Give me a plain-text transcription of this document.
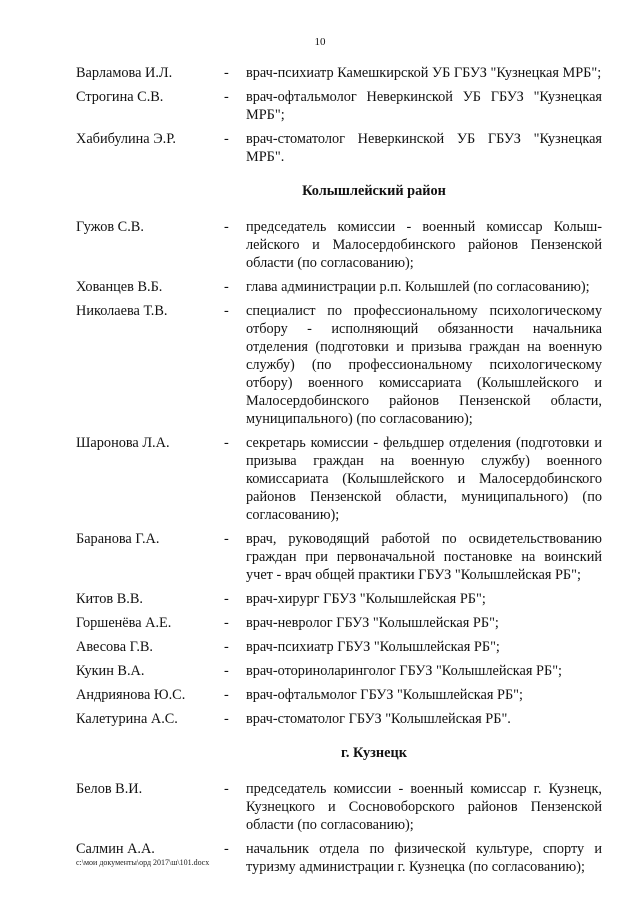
10
Варламова И.Л.	-	врач-психиатр Камешкирской УБ ГБУЗ "Кузнецкая МРБ";
Строгина С.В.	-	врач-офтальмолог Неверкинской УБ ГБУЗ "Кузнецкая МРБ";
Хабибулина Э.Р.	-	врач-стоматолог Неверкинской УБ ГБУЗ "Кузнецкая МРБ".
Колышлейский район
Гужов С.В.	-	председатель комиссии - военный комиссар Колышлейского и Малосердобинского районов Пензенской области (по согласованию);
Хованцев В.Б.	-	глава администрации р.п. Колышлей (по согласованию);
Николаева Т.В.	-	специалист по профессиональному психологическому отбору - исполняющий обязанности начальника отделения (подготовки и призыва граждан на военную службу) (по профессиональному психологическому отбору) военного комиссариата (Колышлейского и Малосердобинского районов Пензенской области, муниципального) (по согласованию);
Шаронова Л.А.	-	секретарь комиссии - фельдшер отделения (подготовки и призыва граждан на военную службу) военного комиссариата (Колышлейского и Малосердобинского районов Пензенской области, муниципального) (по согласованию);
Баранова Г.А.	-	врач, руководящий работой по освидетельствованию граждан при первоначальной постановке на воинский учет - врач общей практики ГБУЗ "Колышлейская РБ";
Китов В.В.	-	врач-хирург ГБУЗ "Колышлейская РБ";
Горшенёва А.Е.	-	врач-невролог ГБУЗ "Колышлейская РБ";
Авесова Г.В.	-	врач-психиатр ГБУЗ "Колышлейская РБ";
Кукин В.А.	-	врач-оториноларинголог ГБУЗ "Колышлейская РБ";
Андриянова Ю.С.	-	врач-офтальмолог ГБУЗ "Колышлейская РБ";
Калетурина А.С.	-	врач-стоматолог ГБУЗ "Колышлейская РБ".
г. Кузнецк
Белов В.И.	-	председатель комиссии - военный комиссар г. Кузнецк, Кузнецкого и Сосновоборского районов Пензенской области (по согласованию);
Салмин А.А.	-	начальник отдела по физической культуре, спорту и туризму администрации г. Кузнецка (по согласованию);
c:\мои документы\орд 2017\ш\101.docx
